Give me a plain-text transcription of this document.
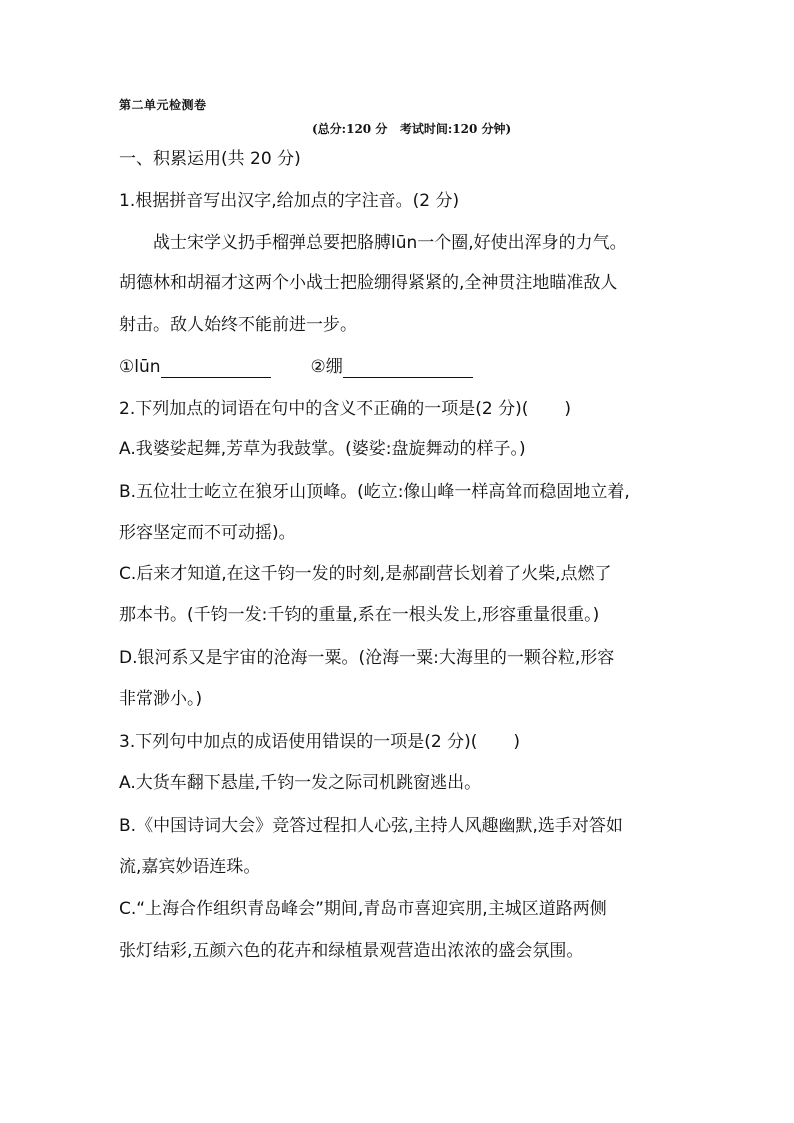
第二单元检测卷
(总分:120 分   考试时间:120 分钟)
一、积累运用(共 20 分)
1.根据拼音写出汉字,给加点的字注音。(2 分)
战士宋学义扔手榴弹总要把胳膊lūn一个圈,好使出浑身的力气。
胡德林和胡福才这两个小战士把脸绷得紧紧的,全神贯注地瞄准敌人
射击。敌人始终不能前进一步。
①lūn	②绷
2.下列加点的词语在句中的含义不正确的一项是(2 分)( )
A.我婆娑起舞,芳草为我鼓掌。(婆娑:盘旋舞动的样子。)
B.五位壮士屹立在狼牙山顶峰。(屹立:像山峰一样高耸而稳固地立着,
形容坚定而不可动摇)。
C.后来才知道,在这千钧一发的时刻,是郝副营长划着了火柴,点燃了
那本书。(千钧一发:千钧的重量,系在一根头发上,形容重量很重。)
D.银河系又是宇宙的沧海一粟。(沧海一粟:大海里的一颗谷粒,形容
非常渺小。)
3.下列句中加点的成语使用错误的一项是(2 分)( )
A.大货车翻下悬崖,千钧一发之际司机跳窗逃出。
B.《中国诗词大会》竞答过程扣人心弦,主持人风趣幽默,选手对答如
流,嘉宾妙语连珠。
C.“上海合作组织青岛峰会”期间,青岛市喜迎宾朋,主城区道路两侧
张灯结彩,五颜六色的花卉和绿植景观营造出浓浓的盛会氛围。
